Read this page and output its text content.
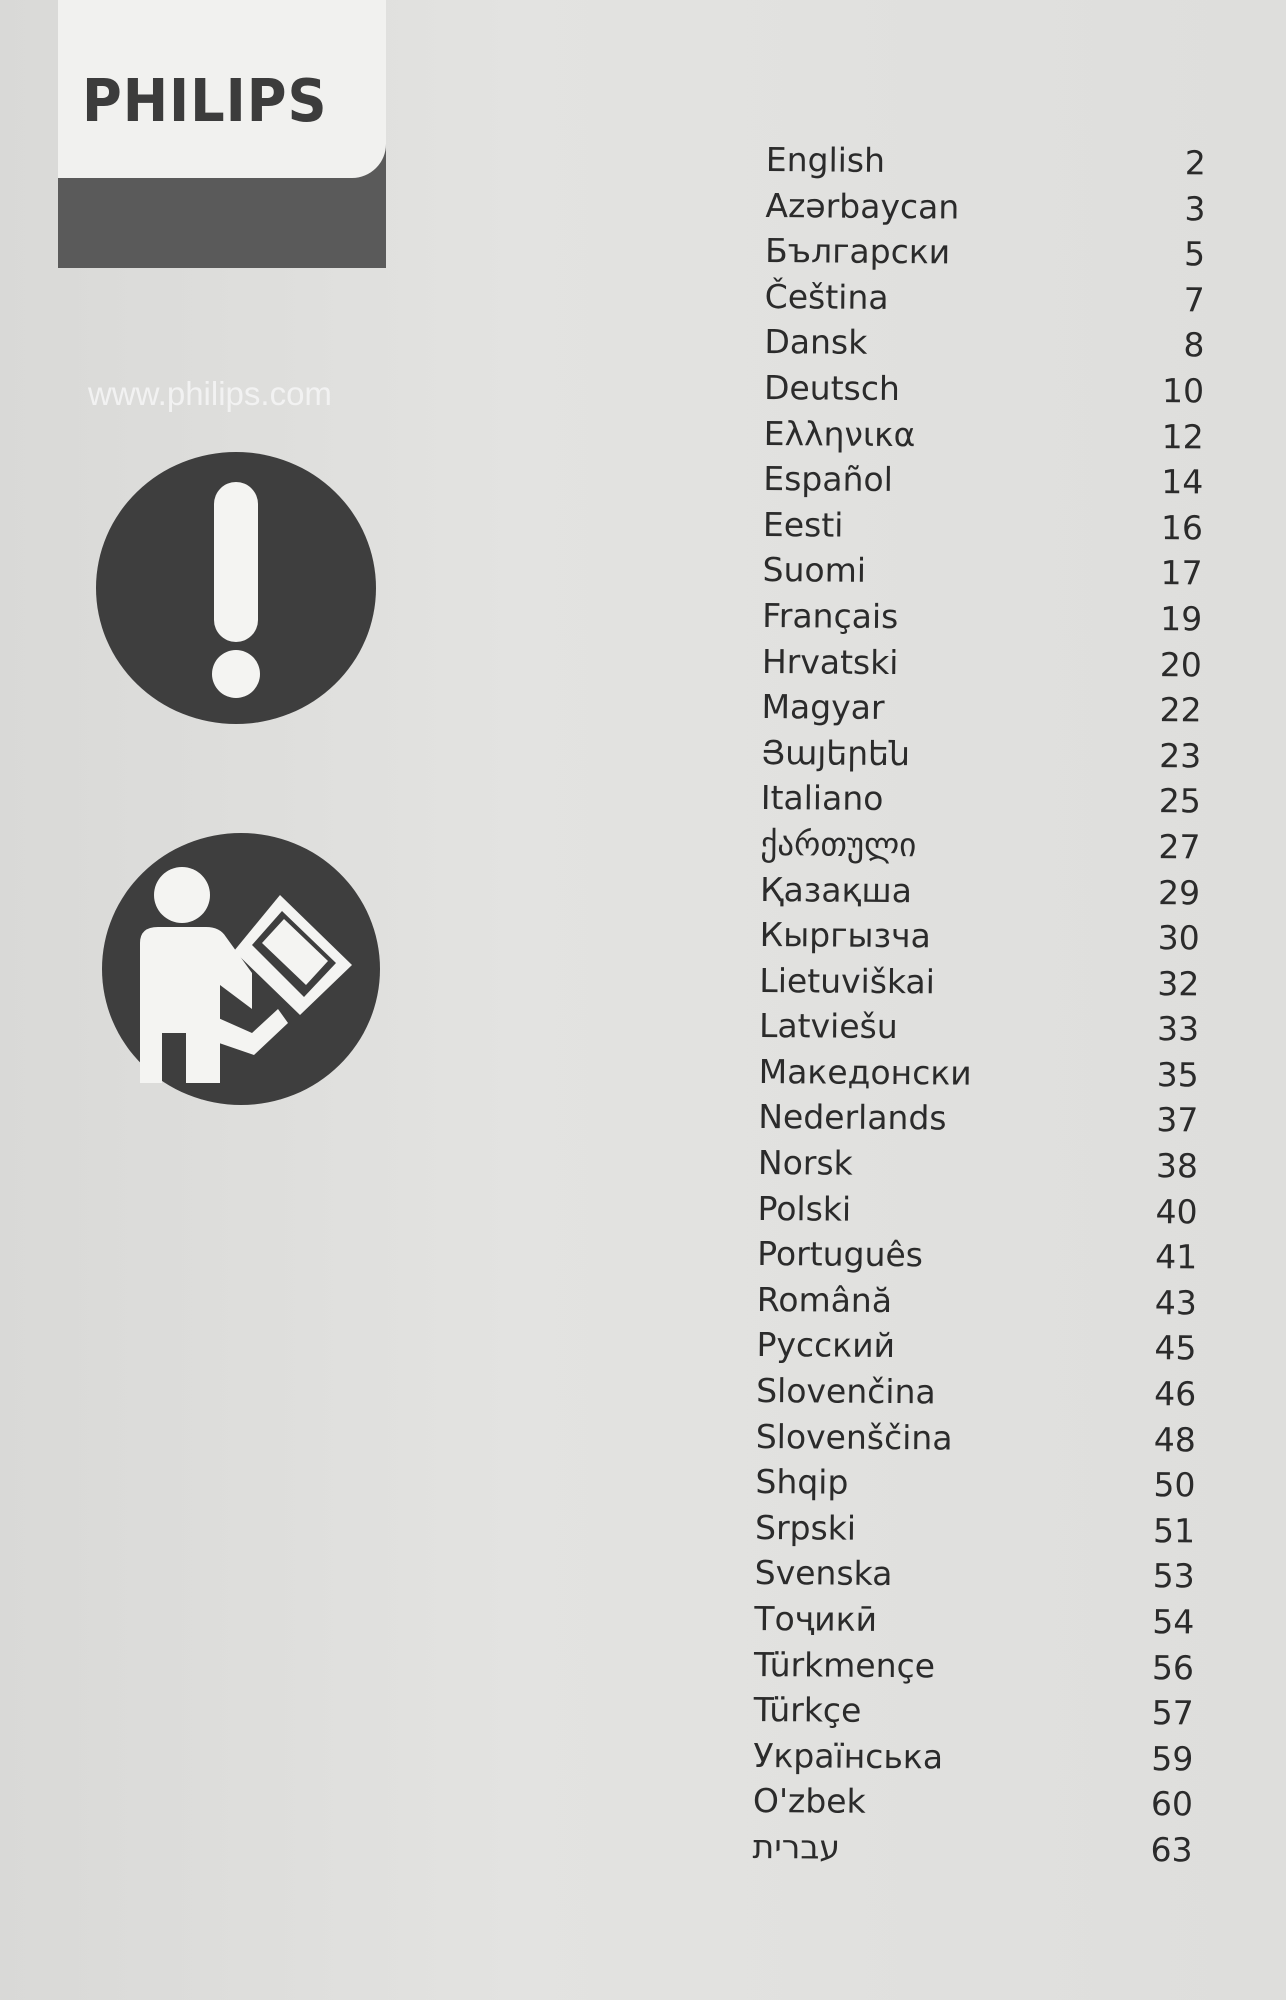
PHILIPS
www.philips.com
English	2
Azərbaycan	3
Български	5
Čeština	7
Dansk	8
Deutsch	10
Ελληνικα	12
Español	14
Eesti	16
Suomi	17
Français	19
Hrvatski	20
Magyar	22
Յայերեն	23
Italiano	25
ქართული	27
Қазақша	29
Кыргызча	30
Lietuviškai	32
Latviešu	33
Македонски	35
Nederlands	37
Norsk	38
Polski	40
Português	41
Română	43
Русский	45
Slovenčina	46
Slovenščina	48
Shqip	50
Srpski	51
Svenska	53
Тоҷикӣ	54
Türkmençe	56
Türkçe	57
Українська	59
O'zbek	60
עברית	63
